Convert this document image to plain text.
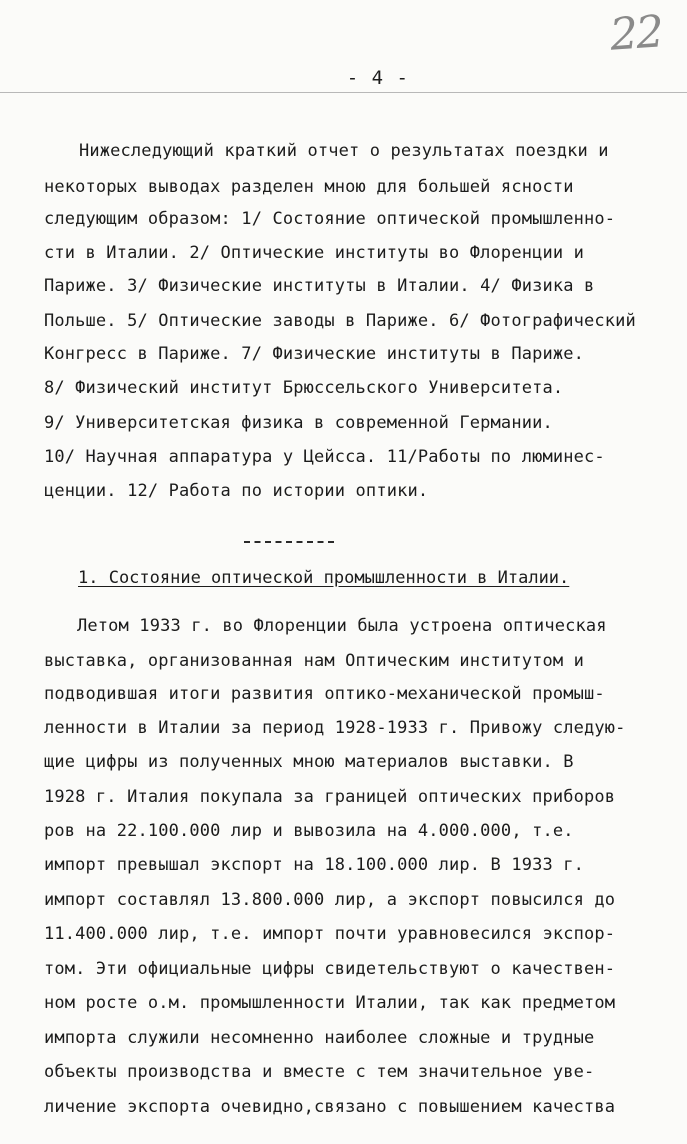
22
- 4 -
Нижеследующий краткий отчет о результатах поездки и
некоторых выводах разделен мною для большей ясности
следующим образом: 1/ Состояние оптической промышленно-
сти в Италии. 2/ Оптические институты во Флоренции и
Париже. 3/ Физические институты в Италии. 4/ Физика в
Польше. 5/ Оптические заводы в Париже. 6/ Фотографический
Конгресс в Париже. 7/ Физические институты в Париже.
8/ Физический институт Брюссельского Университета.
9/ Университетская физика в современной Германии.
10/ Научная аппаратура у Цейсса. 11/Работы по люминес-
ценции. 12/ Работа по истории оптики.
1. Состояние оптической промышленности в Италии.
Летом 1933 г. во Флоренции была устроена оптическая
выставка, организованная нам Оптическим институтом и
подводившая итоги развития оптико-механической промыш-
ленности в Италии за период 1928-1933 г. Привожу следую-
щие цифры из полученных мною материалов выставки. В
1928 г. Италия покупала за границей оптических приборов
ров на 22.100.000 лир и вывозила на 4.000.000, т.е.
импорт превышал экспорт на 18.100.000 лир. В 1933 г.
импорт составлял 13.800.000 лир, а экспорт повысился до
11.400.000 лир, т.е. импорт почти уравновесился экспор-
том. Эти официальные цифры свидетельствуют о качествен-
ном росте о.м. промышленности Италии, так как предметом
импорта служили несомненно наиболее сложные и трудные
объекты производства и вместе с тем значительное уве-
личение экспорта очевидно,связано с повышением качества
